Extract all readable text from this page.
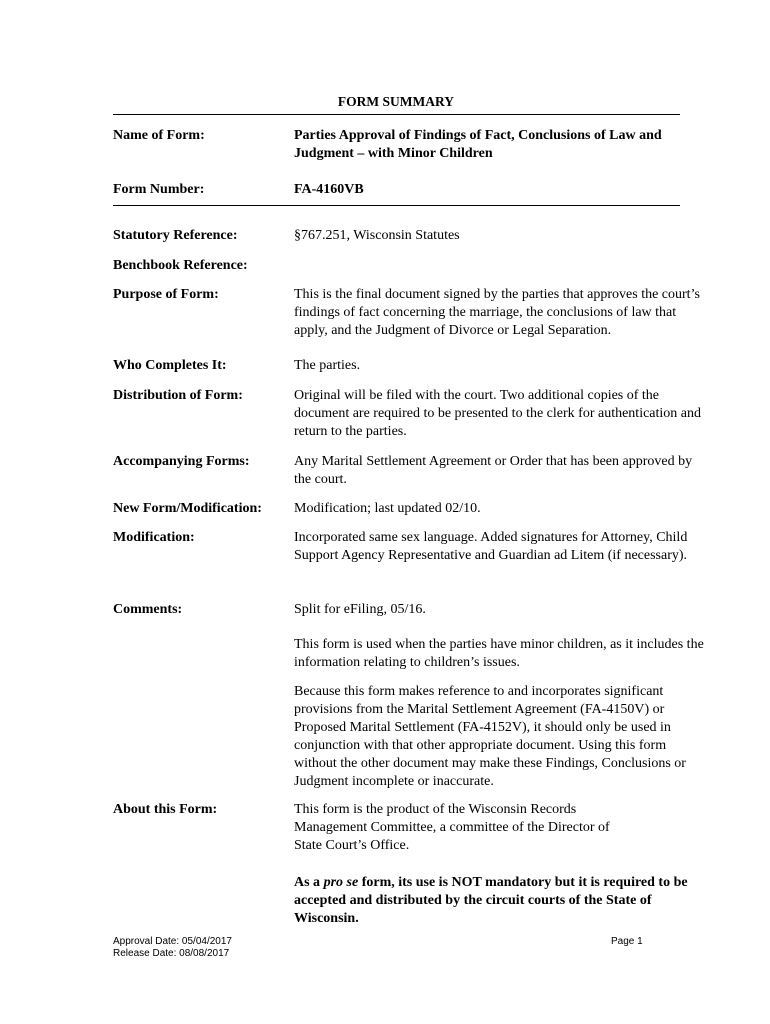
FORM SUMMARY
Name of Form:	Parties Approval of Findings of Fact, Conclusions of Law and Judgment – with Minor Children
Form Number:	FA-4160VB
Statutory Reference:	§767.251, Wisconsin Statutes
Benchbook Reference:
Purpose of Form:	This is the final document signed by the parties that approves the court’s findings of fact concerning the marriage, the conclusions of law that apply, and the Judgment of Divorce or Legal Separation.
Who Completes It:	The parties.
Distribution of Form:	Original will be filed with the court. Two additional copies of the document are required to be presented to the clerk for authentication and return to the parties.
Accompanying Forms:	Any Marital Settlement Agreement or Order that has been approved by the court.
New Form/Modification:	Modification; last updated 02/10.
Modification:	Incorporated same sex language. Added signatures for Attorney, Child Support Agency Representative and Guardian ad Litem (if necessary).
Comments:	Split for eFiling, 05/16.
This form is used when the parties have minor children, as it includes the information relating to children’s issues.
Because this form makes reference to and incorporates significant provisions from the Marital Settlement Agreement (FA-4150V) or Proposed Marital Settlement (FA-4152V), it should only be used in conjunction with that other appropriate document. Using this form without the other document may make these Findings, Conclusions or Judgment incomplete or inaccurate.
About this Form:	This form is the product of the Wisconsin Records
Management Committee, a committee of the Director of
State Court’s Office.
As a pro se form, its use is NOT mandatory but it is required to be accepted and distributed by the circuit courts of the State of Wisconsin.
Approval Date: 05/04/2017
Release Date: 08/08/2017
Page 1
